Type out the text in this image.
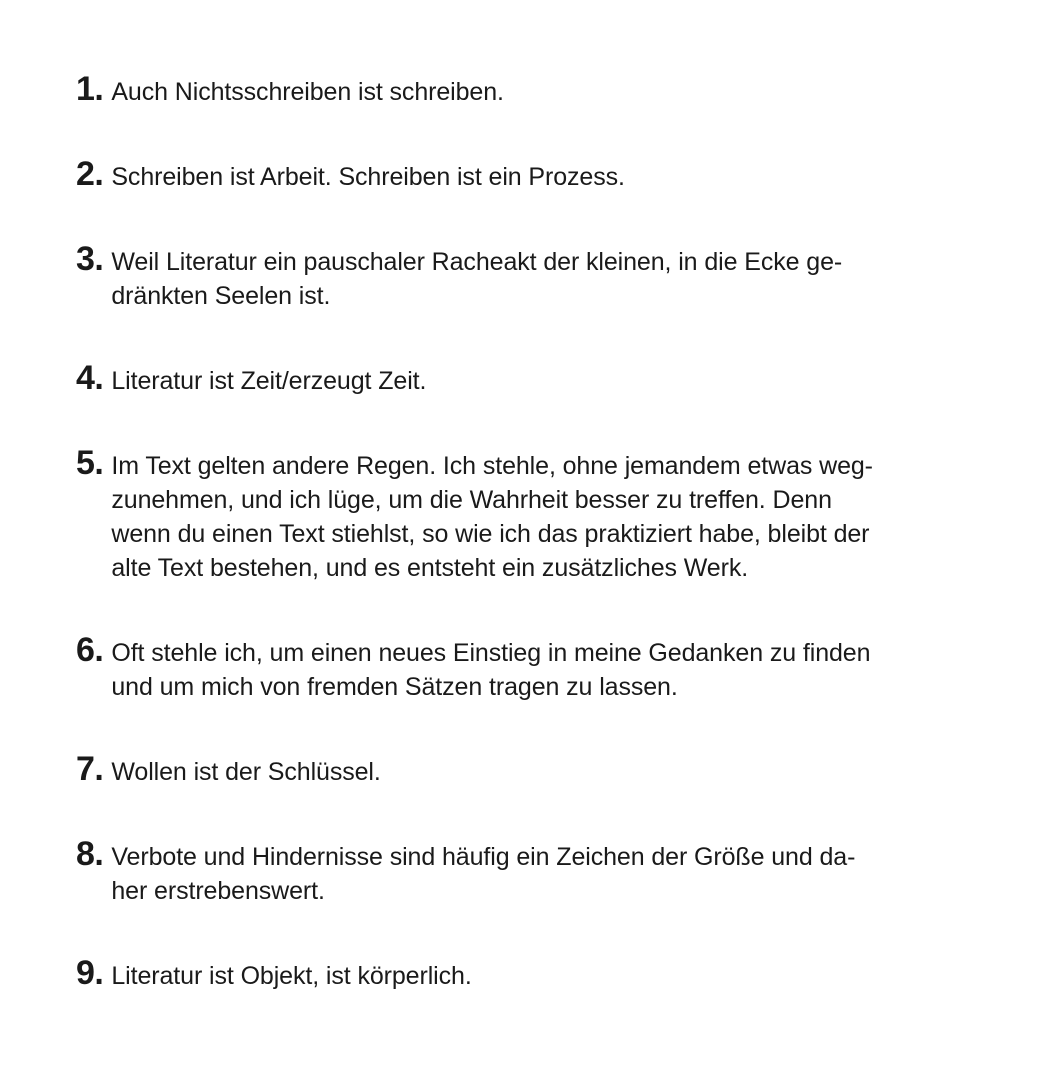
1. Auch Nichtsschreiben ist schreiben.
2. Schreiben ist Arbeit. Schreiben ist ein Prozess.
3. Weil Literatur ein pauschaler Racheakt der kleinen, in die Ecke ge-
dränkten Seelen ist.
4. Literatur ist Zeit/erzeugt Zeit.
5. Im Text gelten andere Regen. Ich stehle, ohne jemandem etwas weg-
zunehmen, und ich lüge, um die Wahrheit besser zu treffen. Denn
wenn du einen Text stiehlst, so wie ich das praktiziert habe, bleibt der
alte Text bestehen, und es entsteht ein zusätzliches Werk.
6. Oft stehle ich, um einen neues Einstieg in meine Gedanken zu finden
und um mich von fremden Sätzen tragen zu lassen.
7. Wollen ist der Schlüssel.
8. Verbote und Hindernisse sind häufig ein Zeichen der Größe und da-
her erstrebenswert.
9. Literatur ist Objekt, ist körperlich.
